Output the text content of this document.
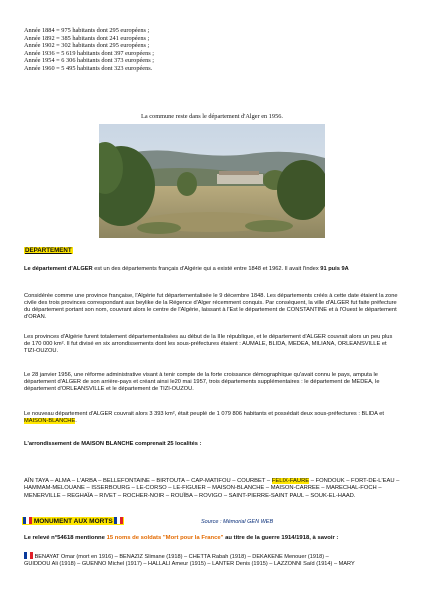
Année 1884 = 975 habitants dont 295 européens ;
Année 1892 = 385 habitants dont 241 européens ;
Année 1902 = 302 habitants dont 295 européens ;
Année 1936 = 5 619 habitants dont 397 européens ;
Année 1954 = 6 306 habitants dont 373 européens ;
Année 1960 = 5 495 habitants dont 323 européens.
La commune reste dans le département d'Alger en 1956.
DEPARTEMENT
Le département d'ALGER est un des départements français d'Algérie qui a existé entre 1848 et 1962. Il avait l'index 91 puis 9A
Considérée comme une province française, l'Algérie fut départementalisée le 9 décembre 1848. Les départements créés à cette date étaient la zone civile des trois provinces correspondant aux beylike de la Régence d'Alger récemment conquis. Par conséquent, la ville d'ALGER fut faite préfecture du département portant son nom, couvrant alors le centre de l'Algérie, laissant à l'Est le département de CONSTANTINE et à l'Ouest le département d'ORAN.
Les provinces d'Algérie furent totalement départementalisées au début de la IIIe république, et le département d'ALGER couvrait alors un peu plus de 170 000 km². Il fut divisé en six arrondissements dont les sous-préfectures étaient : AUMALE, BLIDA, MEDEA, MILIANA, ORLEANSVILLE et TIZI-OUZOU.
Le 28 janvier 1956, une réforme administrative visant à tenir compte de la forte croissance démographique qu'avait connu le pays, amputa le département d'ALGER de son arrière-pays et créant ainsi le20 mai 1957, trois départements supplémentaires : le département de MEDEA, le département d'ORLEANSVILLE et le département de TIZI-OUZOU.
Le nouveau département d'ALGER couvrait alors 3 393 km², était peuplé de 1 079 806 habitants et possédait deux sous-préfectures : BLIDA et MAISON-BLANCHE.
L'arrondissement de MAISON BLANCHE comprenait 25 localités :
AÏN TAYA – ALMA – L'ARBA – BELLEFONTAINE – BIRTOUTA – CAP-MATIFOU – COURBET – FELIX-FAURE – FONDOUK – FORT-DE-L'EAU – HAMMAM-MELOUANE – ISSERBOURG – LE-CORSO – LE-FIGUIER – MAISON-BLANCHE – MAISON-CARREE – MARECHAL-FOCH – MENERVILLE – REGHAÏA – RIVET – ROCHER-NOIR – ROUÏBA – ROVIGO – SAINT-PIERRE-SAINT PAUL – SOUK-EL-HAAD.
MONUMENT AUX MORTS	Source : Mémorial GEN WEB
Le relevé n°54618 mentionne 15 noms de soldats "Mort pour la France" au titre de la guerre 1914/1918, à savoir :
BENAYAT Omar (mort en 1916) – BENAZIZ Slimane (1918) – CHETTA Rabah (1918) – DEKAKENE Menouer (1918) –
GUIDDOU Ali (1918) – GUENNO Michel (1917) – HALLALI Ameur (1915) – LANTER Denis (1915) – LAZZONNI Saïd (1914) – MARY
